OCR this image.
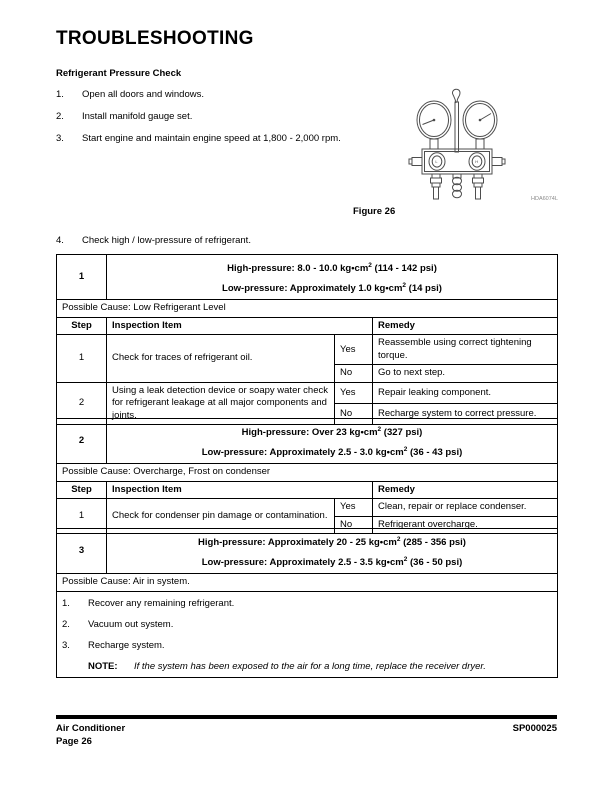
TROUBLESHOOTING
Refrigerant Pressure Check
1.	Open all doors and windows.
2.	Install manifold gauge set.
3.	Start engine and maintain engine speed at 1,800 - 2,000 rpm.
L	H
HDA6074L
Figure 26
4.	Check high / low-pressure of refrigerant.
1	High-pressure: 8.0 - 10.0 $kg•cm^2$ (114 - 142 psi)
Low-pressure: Approximately 1.0 $kg•cm^2$ (14 psi)		

Possible Cause: Low Refrigerant Level			
Step	Inspection Item		Remedy
1	Check for traces of refrigerant oil.	Yes	Reassemble using correct tightening torque.
		No	Go to next step.
2	Using a leak detection device or soapy water check for refrigerant leakage at all major components and joints.	Yes	Repair leaking component.
		No	Recharge system to correct pressure.
2	High-pressure: Over 23 $kg•cm^2$ (327 psi)
Low-pressure: Approximately 2.5 - 3.0 $kg•cm^2$ (36 - 43 psi)		

Possible Cause: Overcharge, Frost on condenser			
Step	Inspection Item		Remedy
1	Check for condenser pin damage or contamination.	Yes	Clean, repair or replace condenser.
		No	Refrigerant overcharge.
3	
High-pressure: Approximately 20 - 25 $kg•cm^2$ (285 - 356 psi)
Low-pressure: Approximately 2.5 - 3.5 $kg•cm^2$ (36 - 50 psi)

Possible Cause: Air in system.

1.	Recover any remaining refrigerant.
2.	Vacuum out system.
3.	Recharge system.
NOTE:	If the system has been exposed to the air for a long time, replace the receiver dryer.
Air Conditioner
Page 26
SP000025
